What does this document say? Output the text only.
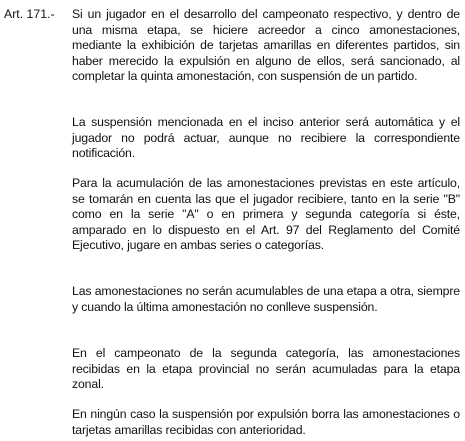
Art. 171.- Si un jugador en el desarrollo del campeonato respectivo, y dentro de una misma etapa, se hiciere acreedor a cinco amonestaciones, mediante la exhibición de tarjetas amarillas en diferentes partidos, sin haber merecido la expulsión en alguno de ellos, será sancionado, al completar la quinta amonestación, con suspensión de un partido.

La suspensión mencionada en el inciso anterior será automática y el jugador no podrá actuar, aunque no recibiere la correspondiente notificación.

Para la acumulación de las amonestaciones previstas en este artículo, se tomarán en cuenta las que el jugador recibiere, tanto en la serie "B" como en la serie "A" o en primera y segunda categoría si éste, amparado en lo dispuesto en el Art. 97 del Reglamento del Comité Ejecutivo, jugare en ambas series o categorías.

Las amonestaciones no serán acumulables de una etapa a otra, siempre y cuando la última amonestación no conlleve suspensión.

En el campeonato de la segunda categoría, las amonestaciones recibidas en la etapa provincial no serán acumuladas para la etapa zonal.

En ningún caso la suspensión por expulsión borra las amonestaciones o tarjetas amarillas recibidas con anterioridad.
